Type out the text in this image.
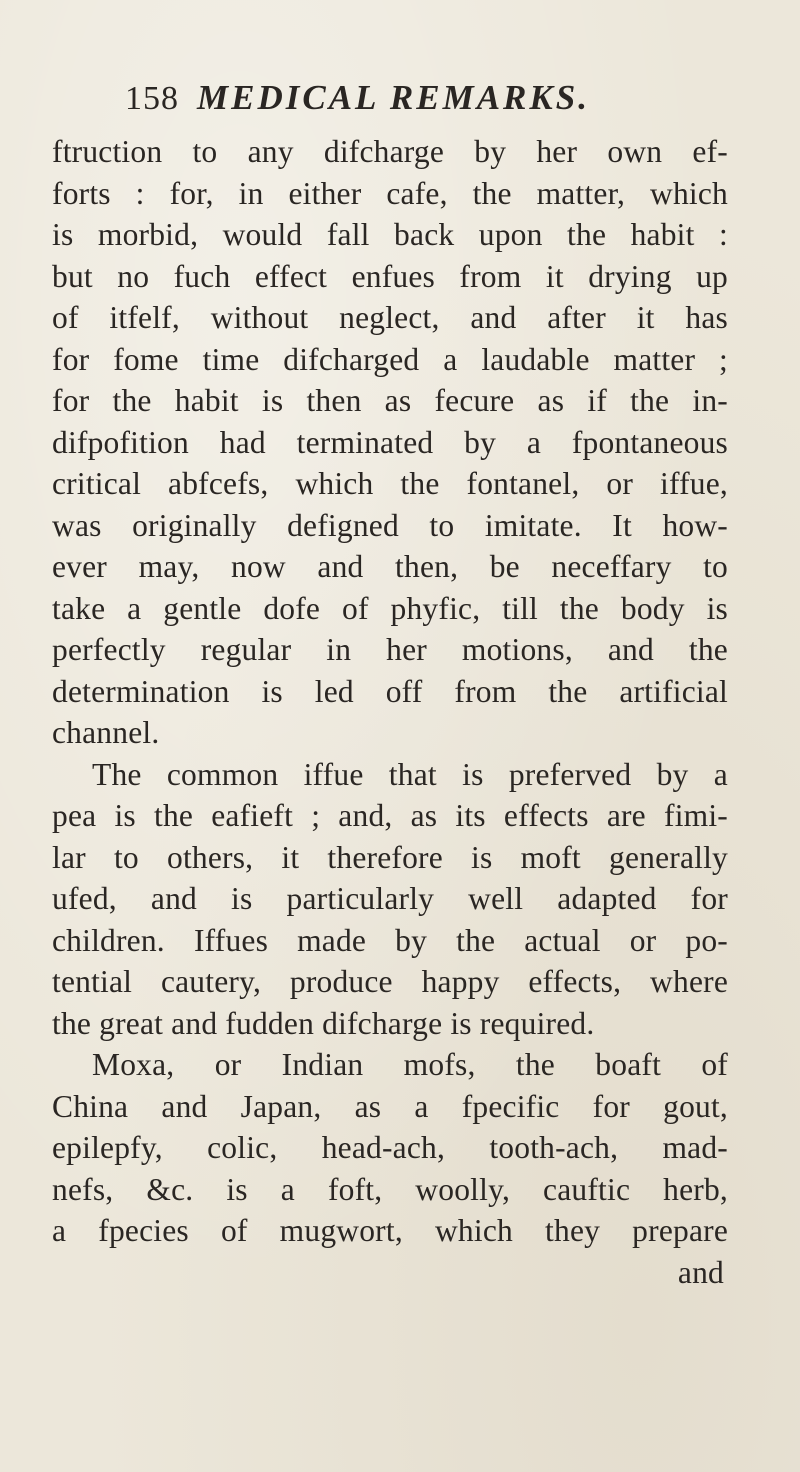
158 MEDICAL REMARKS.
ftruction to any difcharge by her own ef-
forts : for, in either cafe, the matter, which
is morbid, would fall back upon the habit :
but no fuch effect enfues from it drying up
of itfelf, without neglect, and after it has
for fome time difcharged a laudable matter ;
for the habit is then as fecure as if the in-
difpofition had terminated by a fpontaneous
critical abfcefs, which the fontanel, or iffue,
was originally defigned to imitate. It how-
ever may, now and then, be neceffary to
take a gentle dofe of phyfic, till the body is
perfectly regular in her motions, and the
determination is led off from the artificial
channel.
The common iffue that is preferved by a
pea is the eafieft ; and, as its effects are fimi-
lar to others, it therefore is moft generally
ufed, and is particularly well adapted for
children. Iffues made by the actual or po-
tential cautery, produce happy effects, where
the great and fudden difcharge is required.
Moxa, or Indian mofs, the boaft of
China and Japan, as a fpecific for gout,
epilepfy, colic, head-ach, tooth-ach, mad-
nefs, &c. is a foft, woolly, cauftic herb,
a fpecies of mugwort, which they prepare
and
